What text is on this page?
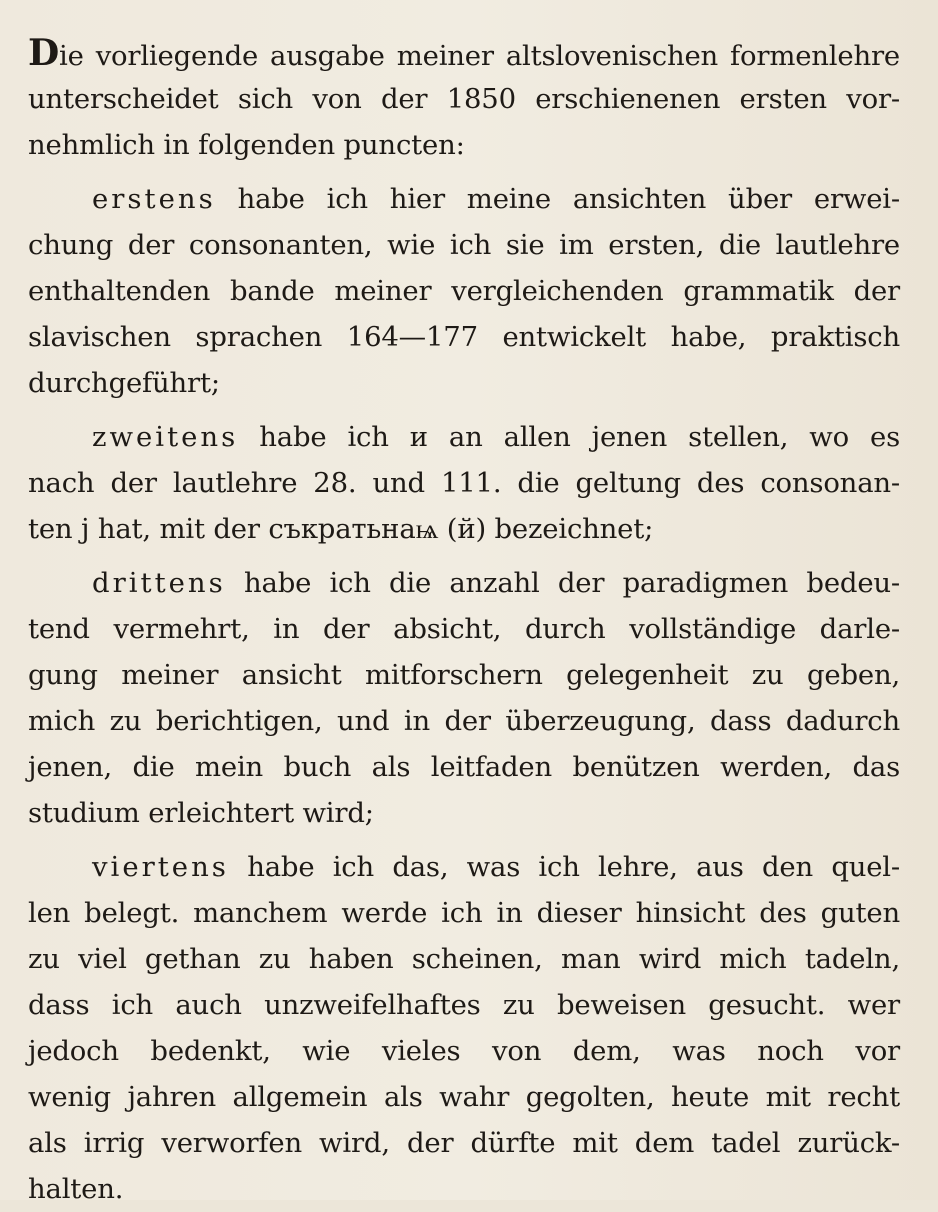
Die vorliegende ausgabe meiner altslovenischen formenlehre
unterscheidet sich von der 1850 erschienenen ersten vor-
nehmlich in folgenden puncten:
erstens habe ich hier meine ansichten über erwei-
chung der consonanten, wie ich sie im ersten, die lautlehre
enthaltenden bande meiner vergleichenden grammatik der
slavischen sprachen 164—177 entwickelt habe, praktisch
durchgeführt;
zweitens habe ich и an allen jenen stellen, wo es
nach der lautlehre 28. und 111. die geltung des consonan-
ten j hat, mit der съкратьнаѩ (й) bezeichnet;
drittens habe ich die anzahl der paradigmen bedeu-
tend vermehrt, in der absicht, durch vollständige darle-
gung meiner ansicht mitforschern gelegenheit zu geben,
mich zu berichtigen, und in der überzeugung, dass dadurch
jenen, die mein buch als leitfaden benützen werden, das
studium erleichtert wird;
viertens habe ich das, was ich lehre, aus den quel-
len belegt. manchem werde ich in dieser hinsicht des guten
zu viel gethan zu haben scheinen, man wird mich tadeln,
dass ich auch unzweifelhaftes zu beweisen gesucht. wer
jedoch bedenkt, wie vieles von dem, was noch vor
wenig jahren allgemein als wahr gegolten, heute mit recht
als irrig verworfen wird, der dürfte mit dem tadel zurück-
halten.
